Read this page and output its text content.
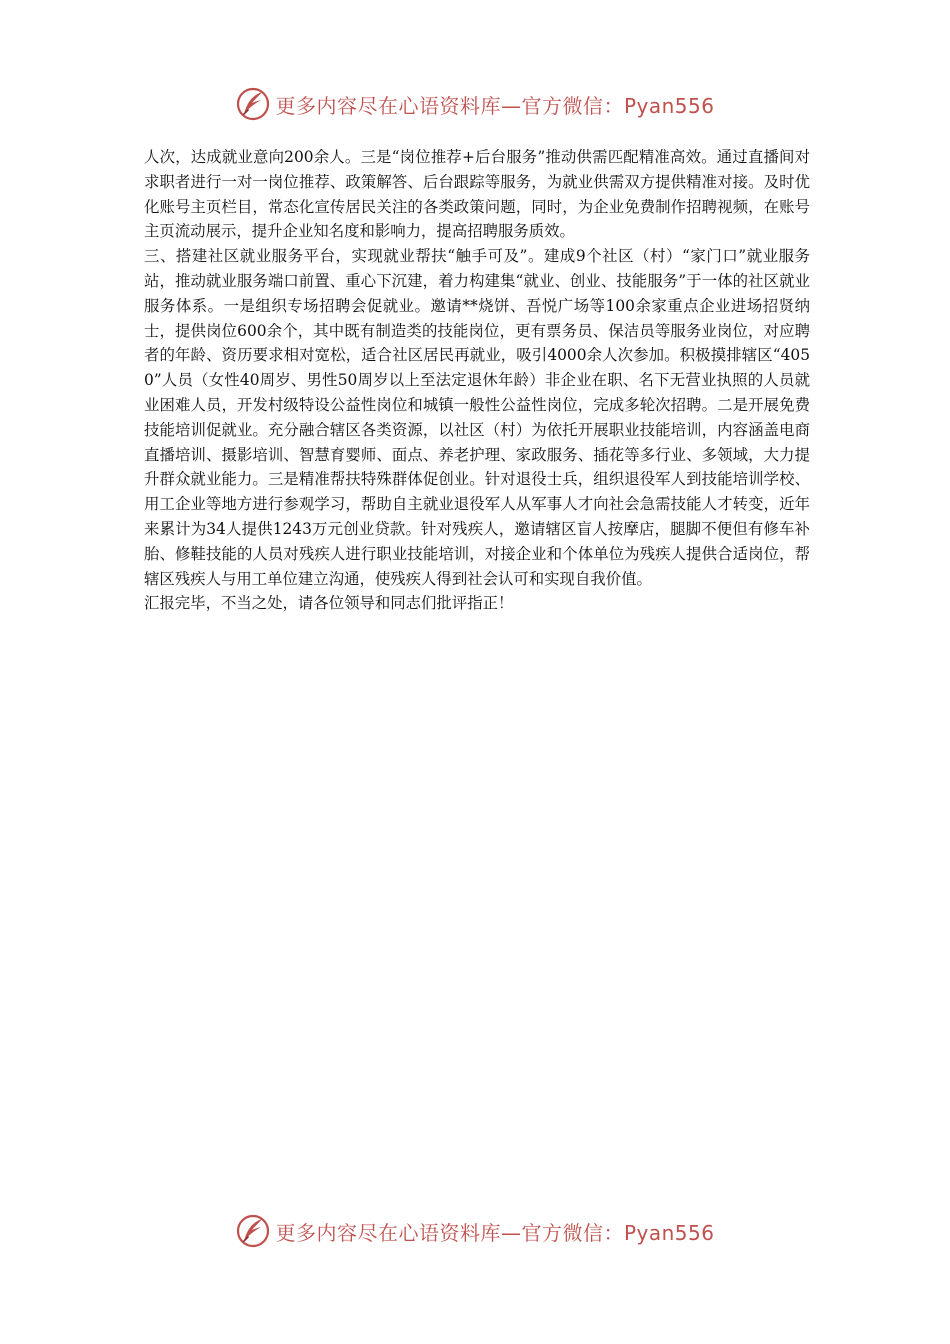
更多内容尽在心语资料库—官方微信：Pyan556

人次，达成就业意向200余人。三是“岗位推荐+后台服务”推动供需匹配精准高效。通过直播间对求职者进行一对一岗位推荐、政策解答、后台跟踪等服务，为就业供需双方提供精准对接。及时优化账号主页栏目，常态化宣传居民关注的各类政策问题，同时，为企业免费制作招聘视频，在账号主页流动展示，提升企业知名度和影响力，提高招聘服务质效。

三、搭建社区就业服务平台，实现就业帮扶“触手可及”。建成9个社区（村）“家门口”就业服务站，推动就业服务端口前置、重心下沉建，着力构建集“就业、创业、技能服务”于一体的社区就业服务体系。一是组织专场招聘会促就业。邀请**烧饼、吾悦广场等100余家重点企业进场招贤纳士，提供岗位600余个，其中既有制造类的技能岗位，更有票务员、保洁员等服务业岗位，对应聘者的年龄、资历要求相对宽松，适合社区居民再就业，吸引4000余人次参加。积极摸排辖区“4050”人员（女性40周岁、男性50周岁以上至法定退休年龄）非企业在职、名下无营业执照的人员就业困难人员，开发村级特设公益性岗位和城镇一般性公益性岗位，完成多轮次招聘。二是开展免费技能培训促就业。充分融合辖区各类资源，以社区（村）为依托开展职业技能培训，内容涵盖电商直播培训、摄影培训、智慧育婴师、面点、养老护理、家政服务、插花等多行业、多领域，大力提升群众就业能力。三是精准帮扶特殊群体促创业。针对退役士兵，组织退役军人到技能培训学校、用工企业等地方进行参观学习，帮助自主就业退役军人从军事人才向社会急需技能人才转变，近年来累计为34人提供1243万元创业贷款。针对残疾人，邀请辖区盲人按摩店，腿脚不便但有修车补胎、修鞋技能的人员对残疾人进行职业技能培训，对接企业和个体单位为残疾人提供合适岗位，帮辖区残疾人与用工单位建立沟通，使残疾人得到社会认可和实现自我价值。

汇报完毕，不当之处，请各位领导和同志们批评指正！

更多内容尽在心语资料库—官方微信：Pyan556
